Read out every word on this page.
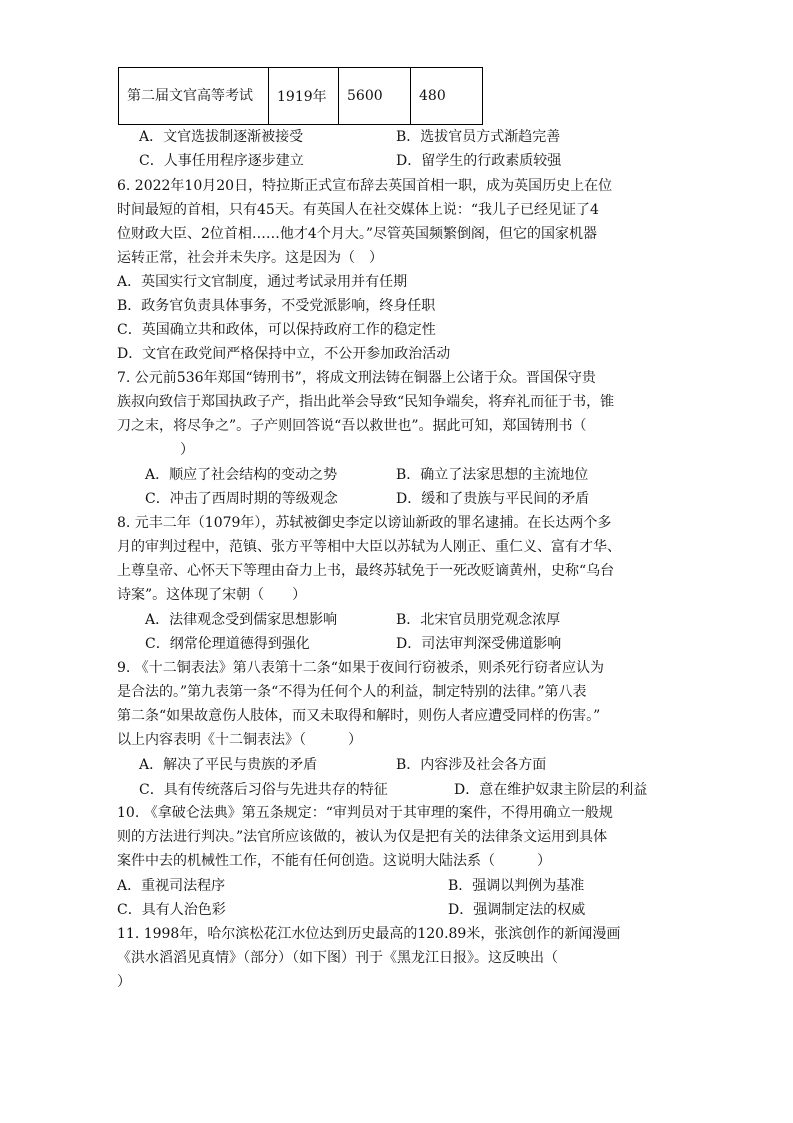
第二届文官高等考试	1919年	5600	480
A．文官选拔制逐渐被接受	B．选拔官员方式渐趋完善
C．人事任用程序逐步建立	D．留学生的行政素质较强
6. 2022年10月20日，特拉斯正式宣布辞去英国首相一职，成为英国历史上在位
时间最短的首相，只有45天。有英国人在社交媒体上说：“我儿子已经见证了4
位财政大臣、2位首相……他才4个月大。”尽管英国频繁倒阁，但它的国家机器
运转正常，社会并未失序。这是因为（　）
A．英国实行文官制度，通过考试录用并有任期
B．政务官负责具体事务，不受党派影响，终身任职
C．英国确立共和政体，可以保持政府工作的稳定性
D．文官在政党间严格保持中立，不公开参加政治活动
7. 公元前536年郑国“铸刑书”，将成文刑法铸在铜器上公诸于众。晋国保守贵
族叔向致信于郑国执政子产，指出此举会导致“民知争端矣，将弃礼而征于书，锥
刀之末，将尽争之”。子产则回答说“吾以救世也”。据此可知，郑国铸刑书（
）
A．顺应了社会结构的变动之势	B．确立了法家思想的主流地位
C．冲击了西周时期的等级观念	D．缓和了贵族与平民间的矛盾
8. 元丰二年（1079年），苏轼被御史李定以谤讪新政的罪名逮捕。在长达两个多
月的审判过程中，范镇、张方平等相中大臣以苏轼为人刚正、重仁义、富有才华、
上尊皇帝、心怀天下等理由奋力上书，最终苏轼免于一死改贬谪黄州，史称“乌台
诗案”。这体现了宋朝（　　）
A．法律观念受到儒家思想影响	B．北宋官员朋党观念浓厚
C．纲常伦理道德得到强化	D．司法审判深受佛道影响
9. 《十二铜表法》第八表第十二条“如果于夜间行窃被杀，则杀死行窃者应认为
是合法的。”第九表第一条“不得为任何个人的利益，制定特别的法律。”第八表
第二条“如果故意伤人肢体，而又未取得和解时，则伤人者应遭受同样的伤害。”
以上内容表明《十二铜表法》（　　　）
A．解决了平民与贵族的矛盾	B．内容涉及社会各方面
C．具有传统落后习俗与先进共存的特征	D．意在维护奴隶主阶层的利益
10. 《拿破仑法典》第五条规定：“审判员对于其审理的案件，不得用确立一般规
则的方法进行判决。”法官所应该做的，被认为仅是把有关的法律条文运用到具体
案件中去的机械性工作，不能有任何创造。这说明大陆法系（　　　）
A．重视司法程序	B．强调以判例为基准
C．具有人治色彩	D．强调制定法的权威
11. 1998年，哈尔滨松花江水位达到历史最高的120.89米，张滨创作的新闻漫画
《洪水滔滔见真情》（部分）（如下图）刊于《黑龙江日报》。这反映出（
）
